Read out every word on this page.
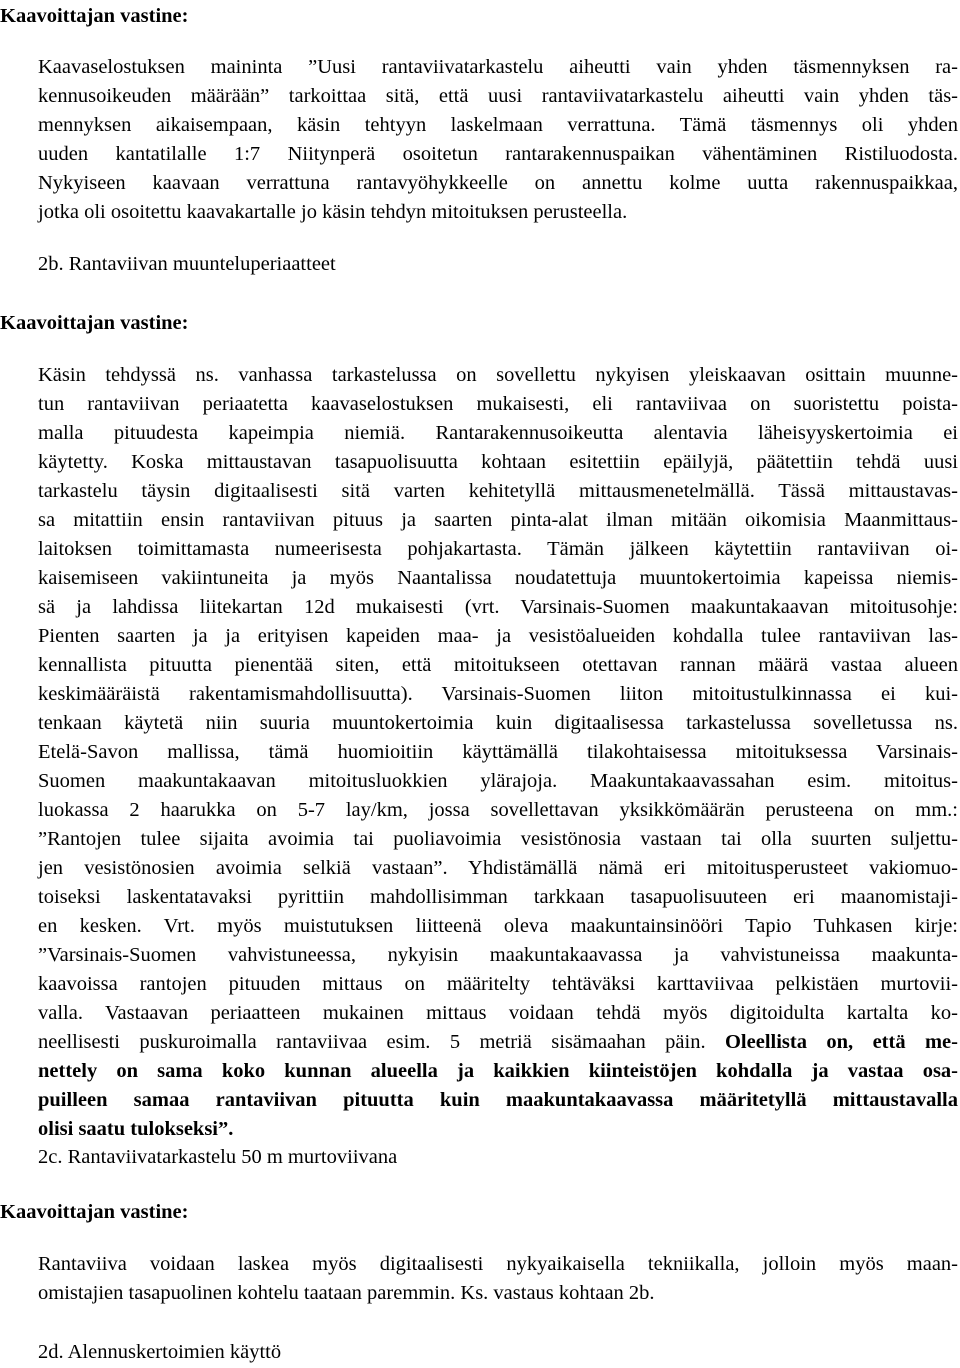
Kaavoittajan vastine:
Kaavaselostuksen maininta ”Uusi rantaviivatarkastelu aiheutti vain yhden täsmennyksen ra-
kennusoikeuden määrään” tarkoittaa sitä, että uusi rantaviivatarkastelu aiheutti vain yhden täs-
mennyksen aikaisempaan, käsin tehtyyn laskelmaan verrattuna. Tämä täsmennys oli yhden
uuden kantatilalle 1:7 Niitynperä osoitetun rantarakennuspaikan vähentäminen Ristiluodosta.
Nykyiseen kaavaan verrattuna rantavyöhykkeelle on annettu kolme uutta rakennuspaikkaa,
jotka oli osoitettu kaavakartalle jo käsin tehdyn mitoituksen perusteella.
2b. Rantaviivan muunteluperiaatteet
Kaavoittajan vastine:
Käsin tehdyssä ns. vanhassa tarkastelussa on sovellettu nykyisen yleiskaavan osittain muunne-
tun rantaviivan periaatetta kaavaselostuksen mukaisesti, eli rantaviivaa on suoristettu poista-
malla pituudesta kapeimpia niemiä. Rantarakennusoikeutta alentavia läheisyyskertoimia ei
käytetty. Koska mittaustavan tasapuolisuutta kohtaan esitettiin epäilyjä, päätettiin tehdä uusi
tarkastelu täysin digitaalisesti sitä varten kehitetyllä mittausmenetelmällä. Tässä mittaustavas-
sa mitattiin ensin rantaviivan pituus ja saarten pinta-alat ilman mitään oikomisia Maanmittaus-
laitoksen toimittamasta numeerisesta pohjakartasta. Tämän jälkeen käytettiin rantaviivan oi-
kaisemiseen vakiintuneita ja myös Naantalissa noudatettuja muuntokertoimia kapeissa niemis-
sä ja lahdissa liitekartan 12d mukaisesti (vrt. Varsinais-Suomen maakuntakaavan mitoitusohje:
Pienten saarten ja ja erityisen kapeiden maa- ja vesistöalueiden kohdalla tulee rantaviivan las-
kennallista pituutta pienentää siten, että mitoitukseen otettavan rannan määrä vastaa alueen
keskimääräistä rakentamismahdollisuutta). Varsinais-Suomen liiton mitoitustulkinnassa ei kui-
tenkaan käytetä niin suuria muuntokertoimia kuin digitaalisessa tarkastelussa sovelletussa ns.
Etelä-Savon mallissa, tämä huomioitiin käyttämällä tilakohtaisessa mitoituksessa Varsinais-
Suomen maakuntakaavan mitoitusluokkien ylärajoja. Maakuntakaavassahan esim. mitoitus-
luokassa 2 haarukka on 5-7 lay/km, jossa sovellettavan yksikkömäärän perusteena on mm.:
”Rantojen tulee sijaita avoimia tai puoliavoimia vesistönosia vastaan tai olla suurten suljettu-
jen vesistönosien avoimia selkiä vastaan”. Yhdistämällä nämä eri mitoitusperusteet vakiomuo-
toiseksi laskentatavaksi pyrittiin mahdollisimman tarkkaan tasapuolisuuteen eri maanomistaji-
en kesken. Vrt. myös muistutuksen liitteenä oleva maakuntainsinööri Tapio Tuhkasen kirje:
”Varsinais-Suomen vahvistuneessa, nykyisin maakuntakaavassa ja vahvistuneissa maakunta-
kaavoissa rantojen pituuden mittaus on määritelty tehtäväksi karttaviivaa pelkistäen murtovii-
valla. Vastaavan periaatteen mukainen mittaus voidaan tehdä myös digitoidulta kartalta ko-
neellisesti puskuroimalla rantaviivaa esim. 5 metriä sisämaahan päin. Oleellista on, että me-
nettely on sama koko kunnan alueella ja kaikkien kiinteistöjen kohdalla ja vastaa osa-
puilleen samaa rantaviivan pituutta kuin maakuntakaavassa määritetyllä mittaustavalla
olisi saatu tulokseksi”.
2c. Rantaviivatarkastelu 50 m murtoviivana
Kaavoittajan vastine:
Rantaviiva voidaan laskea myös digitaalisesti nykyaikaisella tekniikalla, jolloin myös maan-
omistajien tasapuolinen kohtelu taataan paremmin. Ks. vastaus kohtaan 2b.
2d. Alennuskertoimien käyttö
